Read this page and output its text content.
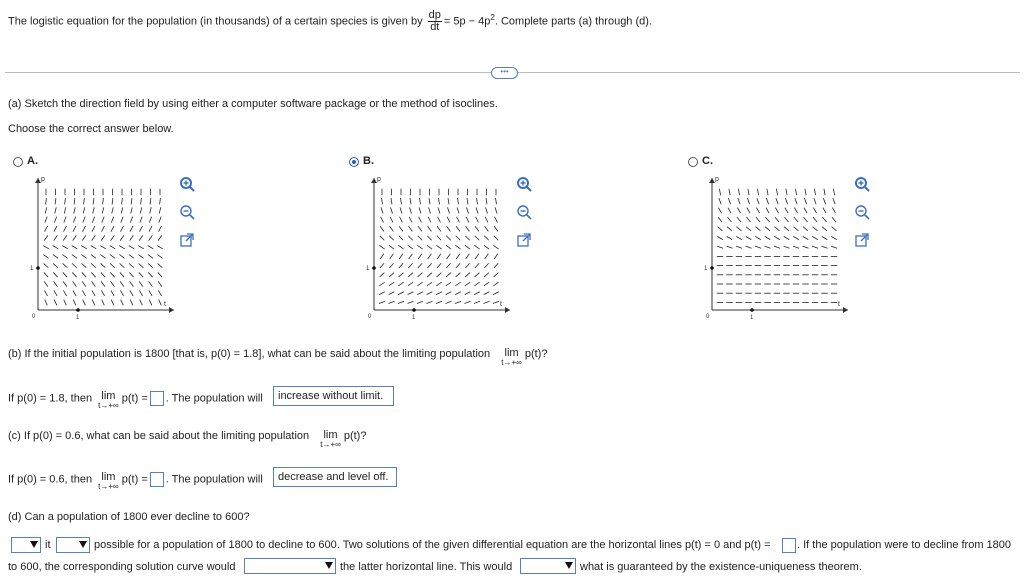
The logistic equation for the population (in thousands) of a certain species is given by $\frac{dp}{dt} = 5p - 4p^2$. Complete parts (a) through (d).
•••
(a) Sketch the direction field by using either a computer software package or the method of isoclines.
Choose the correct answer below.
A.
p
t
0
1
1
B.
p
t
0
1
1
C.
p
t
0
1
1
(b) If the initial population is 1800 [that is, p(0) = 1.8], what can be said about the limiting population lim
t→+∞
p(t)?
If p(0) = 1.8, then lim
t→+∞
p(t) = . The population will	increase without limit.
(c) If p(0) = 0.6, what can be said about the limiting population lim
t→+∞
p(t)?
If p(0) = 0.6, then lim
t→+∞
p(t) = . The population will	decrease and level off.
(d) Can a population of 1800 ever decline to 600?
it	possible for a population of 1800 to decline to 600. Two solutions of the given differential equation are the horizontal lines p(t) = 0 and p(t) = . If the population were to decline from 1800
to 600, the corresponding solution curve would	the latter horizontal line. This would	what is guaranteed by the existence-uniqueness theorem.
